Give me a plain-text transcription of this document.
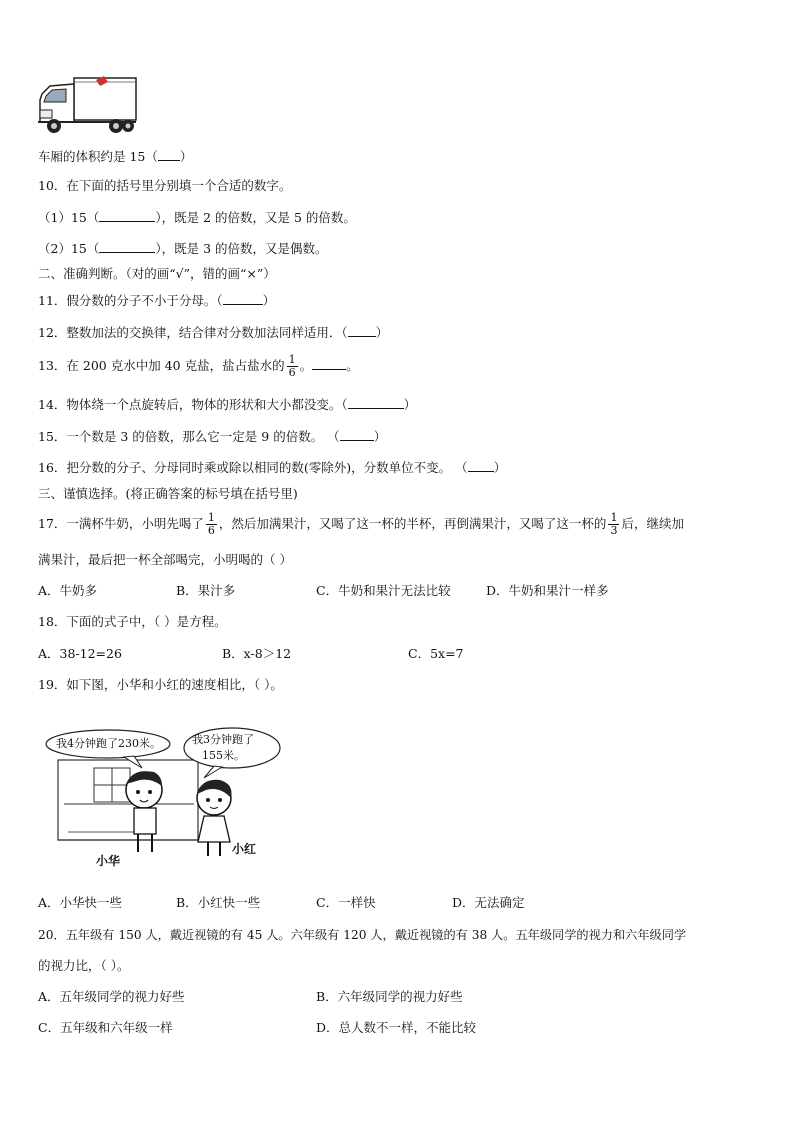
车厢的体积约是 15（ ）
10．在下面的括号里分别填一个合适的数字。
（1）15（	），既是 2 的倍数，又是 5 的倍数。
（2）15（	），既是 3 的倍数，又是偶数。
二、准确判断。（对的画“√”，错的画“×”）
11．假分数的分子不小于分母。（	）
12．整数加法的交换律，结合律对分数加法同样适用．（ ）
13．在 200 克水中加 40 克盐，盐占盐水的 $\frac{1}{6}$ 。	。
14．物体绕一个点旋转后，物体的形状和大小都没变。（	）
15．一个数是 3 的倍数，那么它一定是 9 的倍数。 （	）
16．把分数的分子、分母同时乘或除以相同的数(零除外)，分数单位不变。 （ ）
三、谨慎选择。(将正确答案的标号填在括号里)
17．一满杯牛奶，小明先喝了 $\frac{1}{6}$ ，然后加满果汁，又喝了这一杯的半杯，再倒满果汁，又喝了这一杯的 $\frac{1}{3}$ 后，继续加
满果汁，最后把一杯全部喝完，小明喝的（ ）
A．牛奶多	B．果汁多	C．牛奶和果汁无法比较	D．牛奶和果汁一样多
18．下面的式子中，（ ）是方程。
A．38-12=26	B．x-8＞12	C．5x=7
19．如下图，小华和小红的速度相比，（ ）。
我4分钟跑了230米。	我3分钟跑了
155米。
小华
小红
A．小华快一些	B．小红快一些	C．一样快	D．无法确定
20．五年级有 150 人，戴近视镜的有 45 人。六年级有 120 人，戴近视镜的有 38 人。五年级同学的视力和六年级同学
的视力比，（ ）。
A．五年级同学的视力好些	B．六年级同学的视力好些
C．五年级和六年级一样	D．总人数不一样，不能比较
